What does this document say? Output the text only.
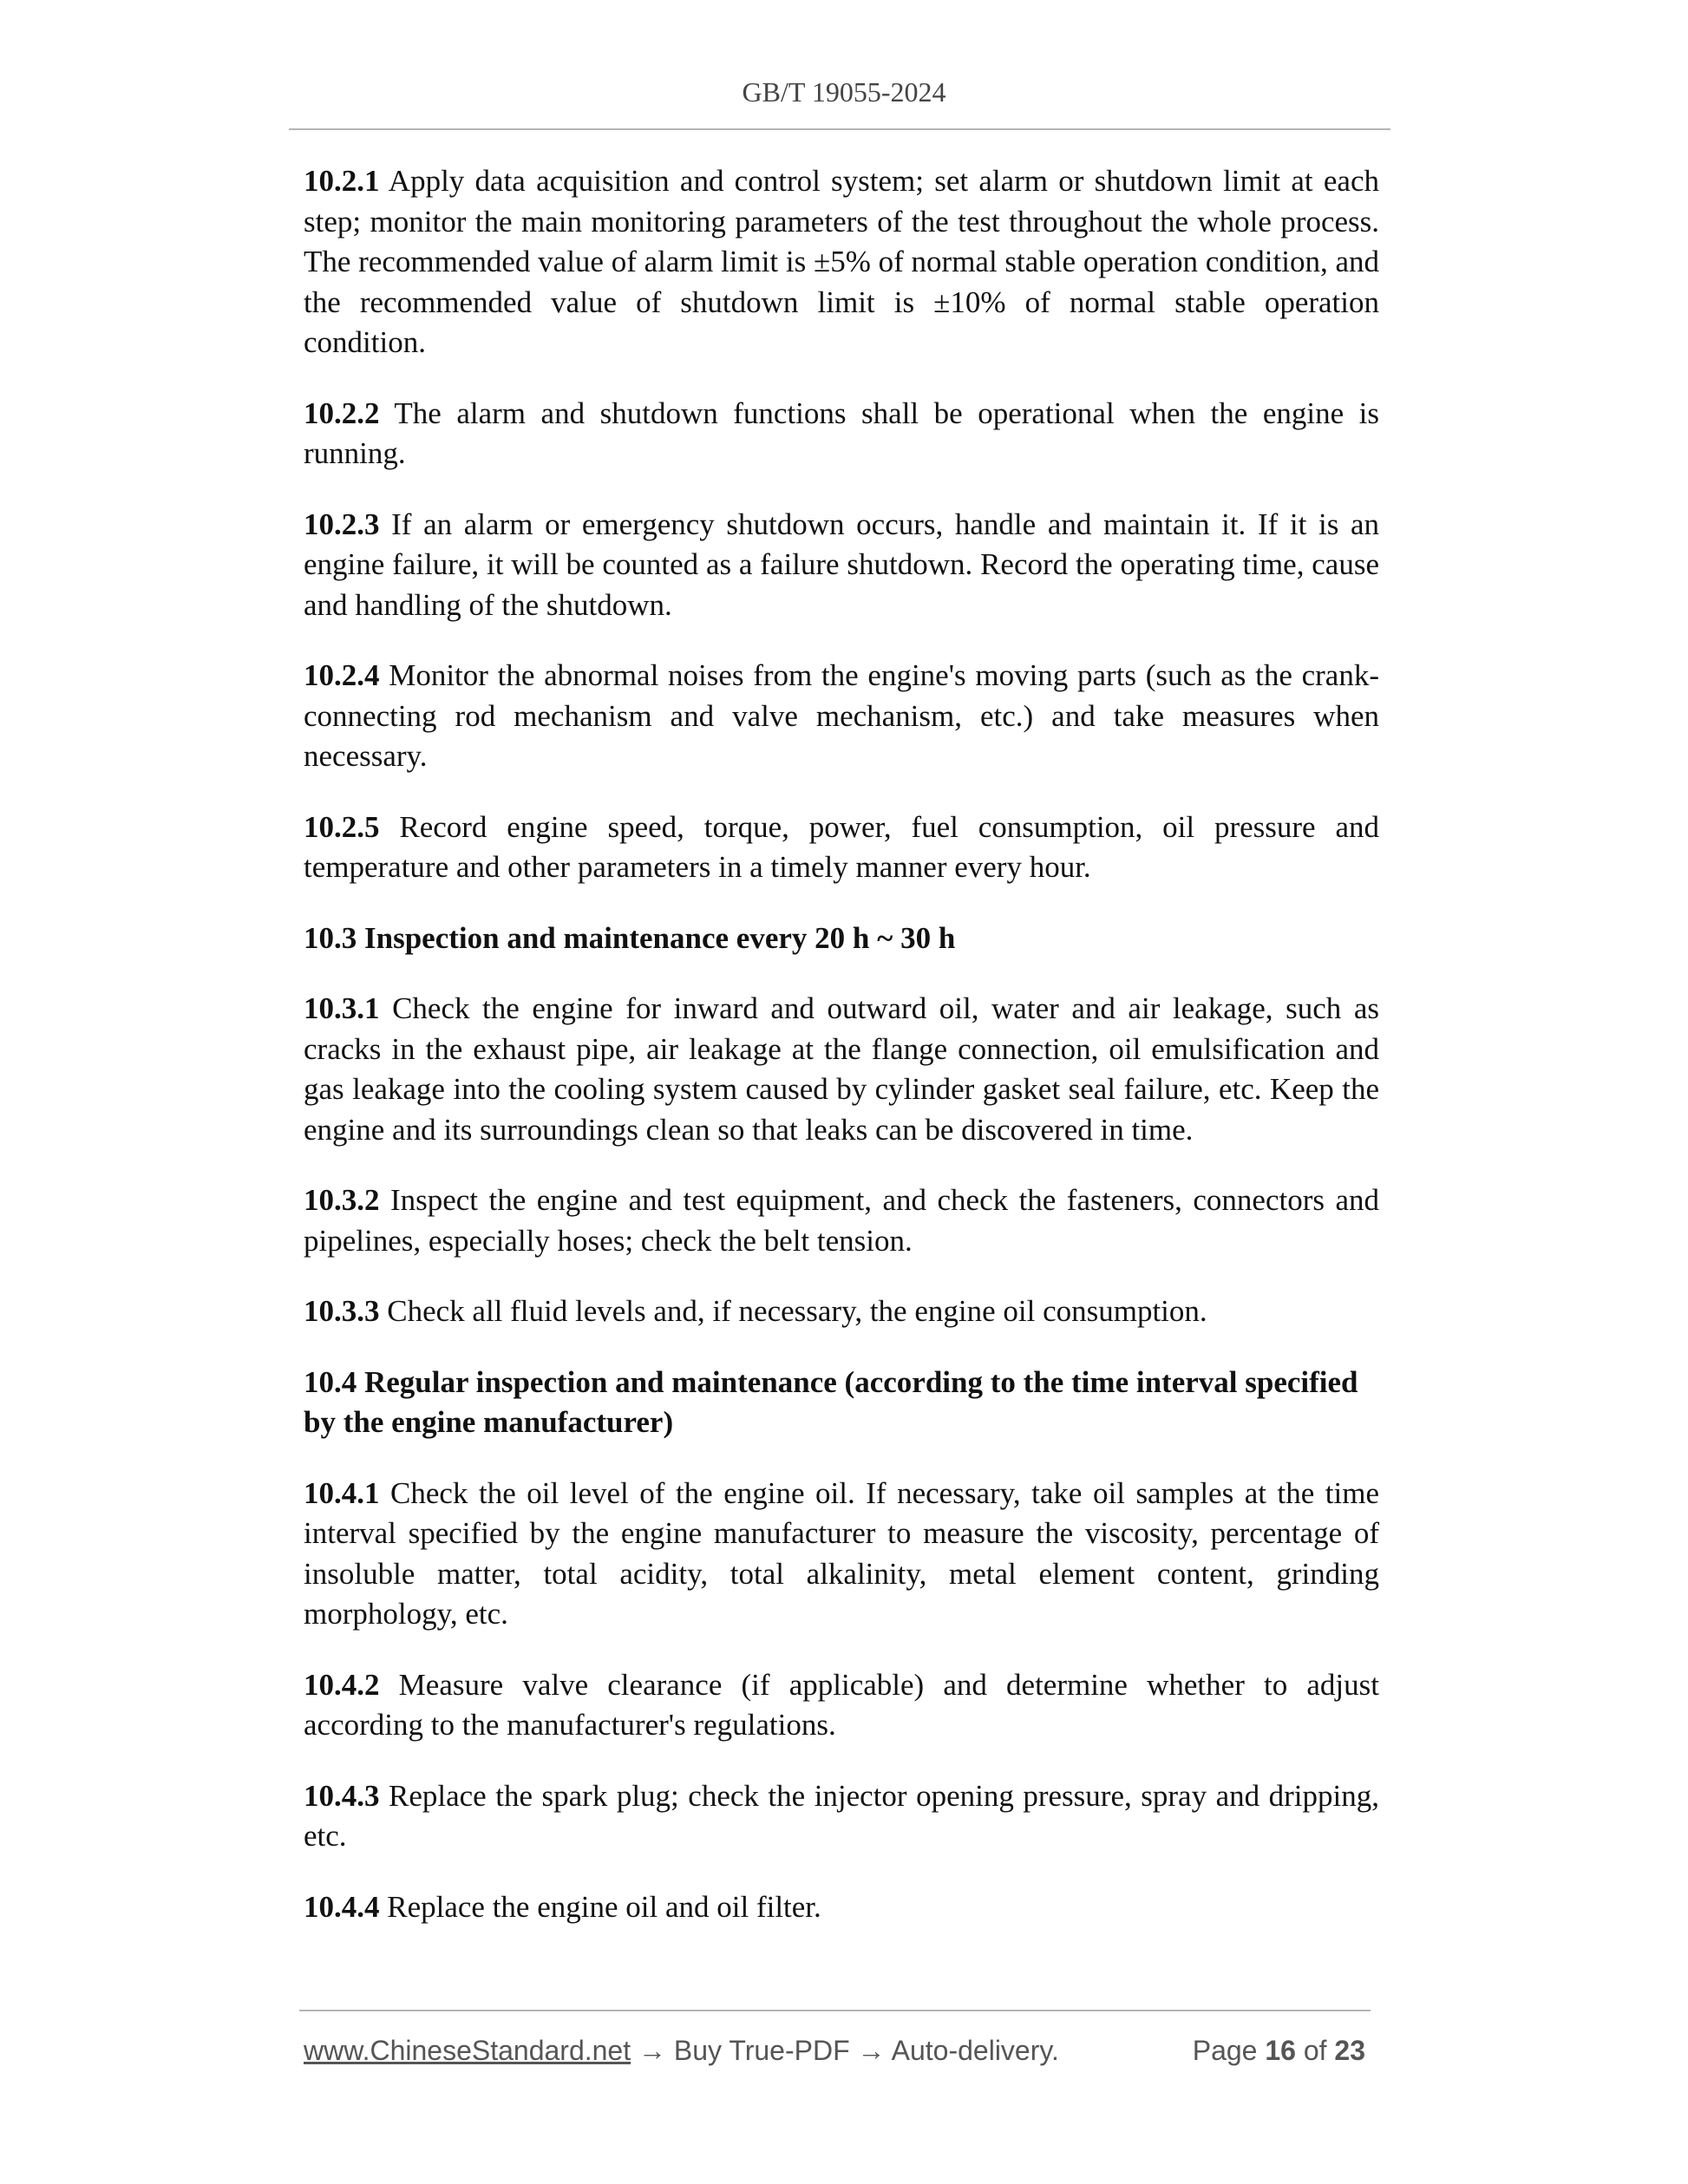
GB/T 19055-2024

10.2.1 Apply data acquisition and control system; set alarm or shutdown limit at each step; monitor the main monitoring parameters of the test throughout the whole process. The recommended value of alarm limit is ±5% of normal stable operation condition, and the recommended value of shutdown limit is ±10% of normal stable operation condition.

10.2.2 The alarm and shutdown functions shall be operational when the engine is running.

10.2.3 If an alarm or emergency shutdown occurs, handle and maintain it. If it is an engine failure, it will be counted as a failure shutdown. Record the operating time, cause and handling of the shutdown.

10.2.4 Monitor the abnormal noises from the engine's moving parts (such as the crank-connecting rod mechanism and valve mechanism, etc.) and take measures when necessary.

10.2.5 Record engine speed, torque, power, fuel consumption, oil pressure and temperature and other parameters in a timely manner every hour.

10.3 Inspection and maintenance every 20 h ~ 30 h

10.3.1 Check the engine for inward and outward oil, water and air leakage, such as cracks in the exhaust pipe, air leakage at the flange connection, oil emulsification and gas leakage into the cooling system caused by cylinder gasket seal failure, etc. Keep the engine and its surroundings clean so that leaks can be discovered in time.

10.3.2 Inspect the engine and test equipment, and check the fasteners, connectors and pipelines, especially hoses; check the belt tension.

10.3.3 Check all fluid levels and, if necessary, the engine oil consumption.

10.4 Regular inspection and maintenance (according to the time interval specified by the engine manufacturer)

10.4.1 Check the oil level of the engine oil. If necessary, take oil samples at the time interval specified by the engine manufacturer to measure the viscosity, percentage of insoluble matter, total acidity, total alkalinity, metal element content, grinding morphology, etc.

10.4.2 Measure valve clearance (if applicable) and determine whether to adjust according to the manufacturer's regulations.

10.4.3 Replace the spark plug; check the injector opening pressure, spray and dripping, etc.

10.4.4 Replace the engine oil and oil filter.

www.ChineseStandard.net → Buy True-PDF → Auto-delivery.	Page 16 of 23
